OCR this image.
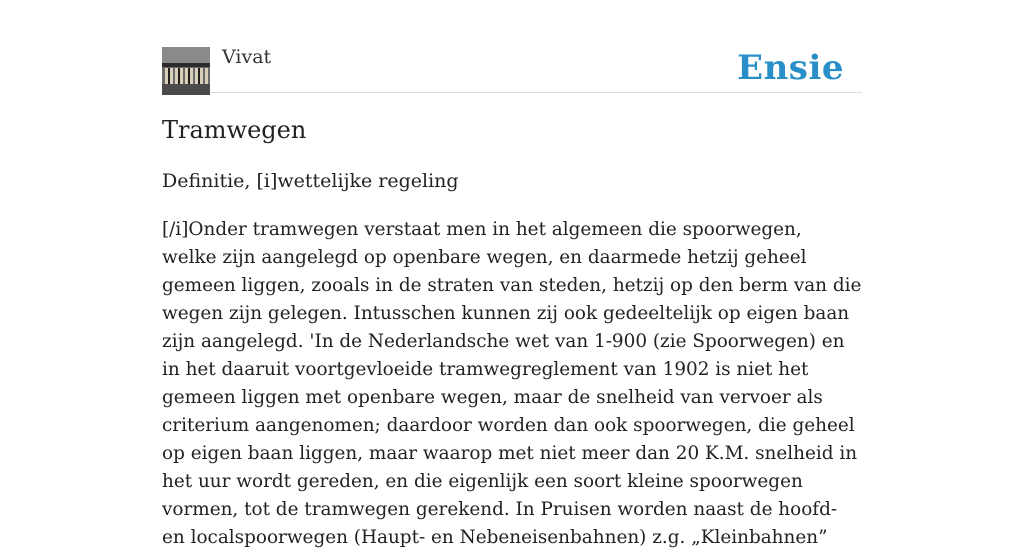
Vivat	Ensie
Tramwegen
Definitie, [i]wettelijke regeling
[/i]Onder tramwegen verstaat men in het algemeen die spoorwegen, welke zijn aangelegd op openbare wegen, en daarmede hetzij geheel gemeen liggen, zooals in de straten van steden, hetzij op den berm van die wegen zijn gelegen. Intusschen kunnen zij ook gedeeltelijk op eigen baan zijn aangelegd. 'In de Nederlandsche wet van 1-900 (zie Spoorwegen) en in het daaruit voortgevloeide tramwegreglement van 1902 is niet het gemeen liggen met openbare wegen, maar de snelheid van vervoer als criterium aangenomen; daardoor worden dan ook spoorwegen, die geheel op eigen baan liggen, maar waarop met niet meer dan 20 K.M. snelheid in het uur wordt gereden, en die eigenlijk een soort kleine spoorwegen vormen, tot de tramwegen gerekend. In Pruisen worden naast de hoofd- en localspoorwegen (Haupt- en Nebeneisenbahnen) z.g. „Kleinbahnen”
